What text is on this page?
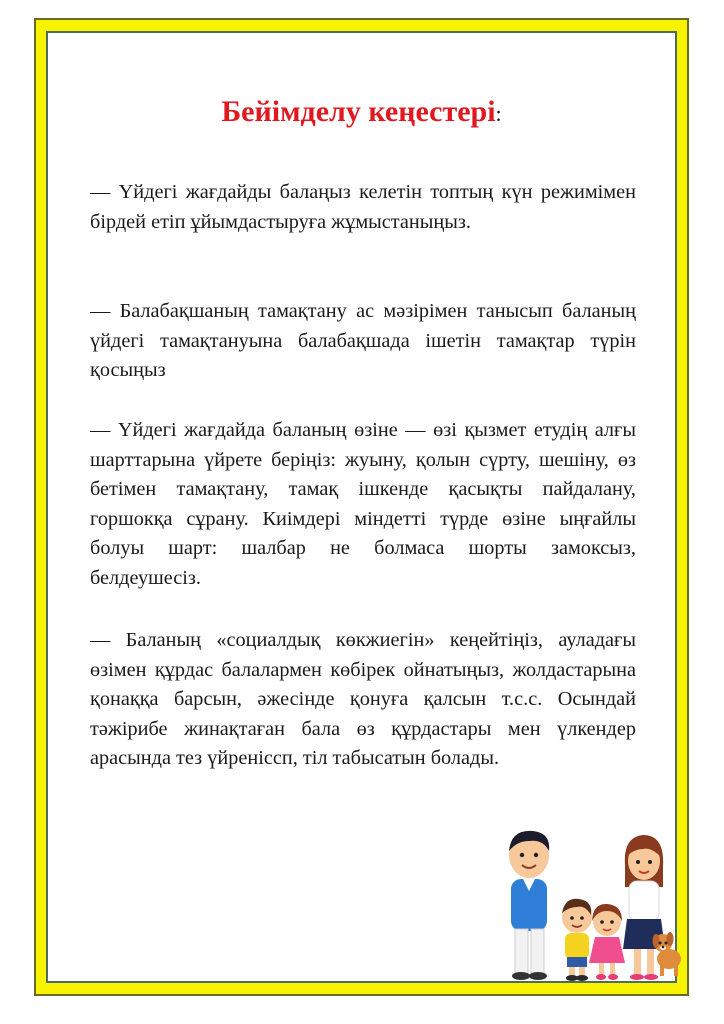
Бейімделу кеңестері:

— Үйдегі жағдайды балаңыз келетін топтың күн режимімен бірдей етіп ұйымдастыруға жұмыстаныңыз.

— Балабақшаның тамақтану ас мәзірімен танысып баланың үйдегі тамақтануына балабақшада ішетін тамақтар түрін қосыңыз

— Үйдегі жағдайда баланың өзіне — өзі қызмет етудің алғы шарттарына үйрете беріңіз: жуыну, қолын сүрту, шешіну, өз бетімен тамақтану, тамақ ішкенде қасықты пайдалану, горшокқа сұрану. Киімдері міндетті түрде өзіне ыңғайлы болуы шарт: шалбар не болмаса шорты замоксыз, белдеушесіз.

— Баланың «социалдық көкжиегін» кеңейтіңіз, ауладағы өзімен құрдас балалармен көбірек ойнатыңыз, жолдастарына қонаққа барсын, әжесінде қонуға қалсын т.с.с. Осындай тәжірибе жинақтаған бала өз құрдастары мен үлкендер арасында тез үйреніссп, тіл табысатын болады.
